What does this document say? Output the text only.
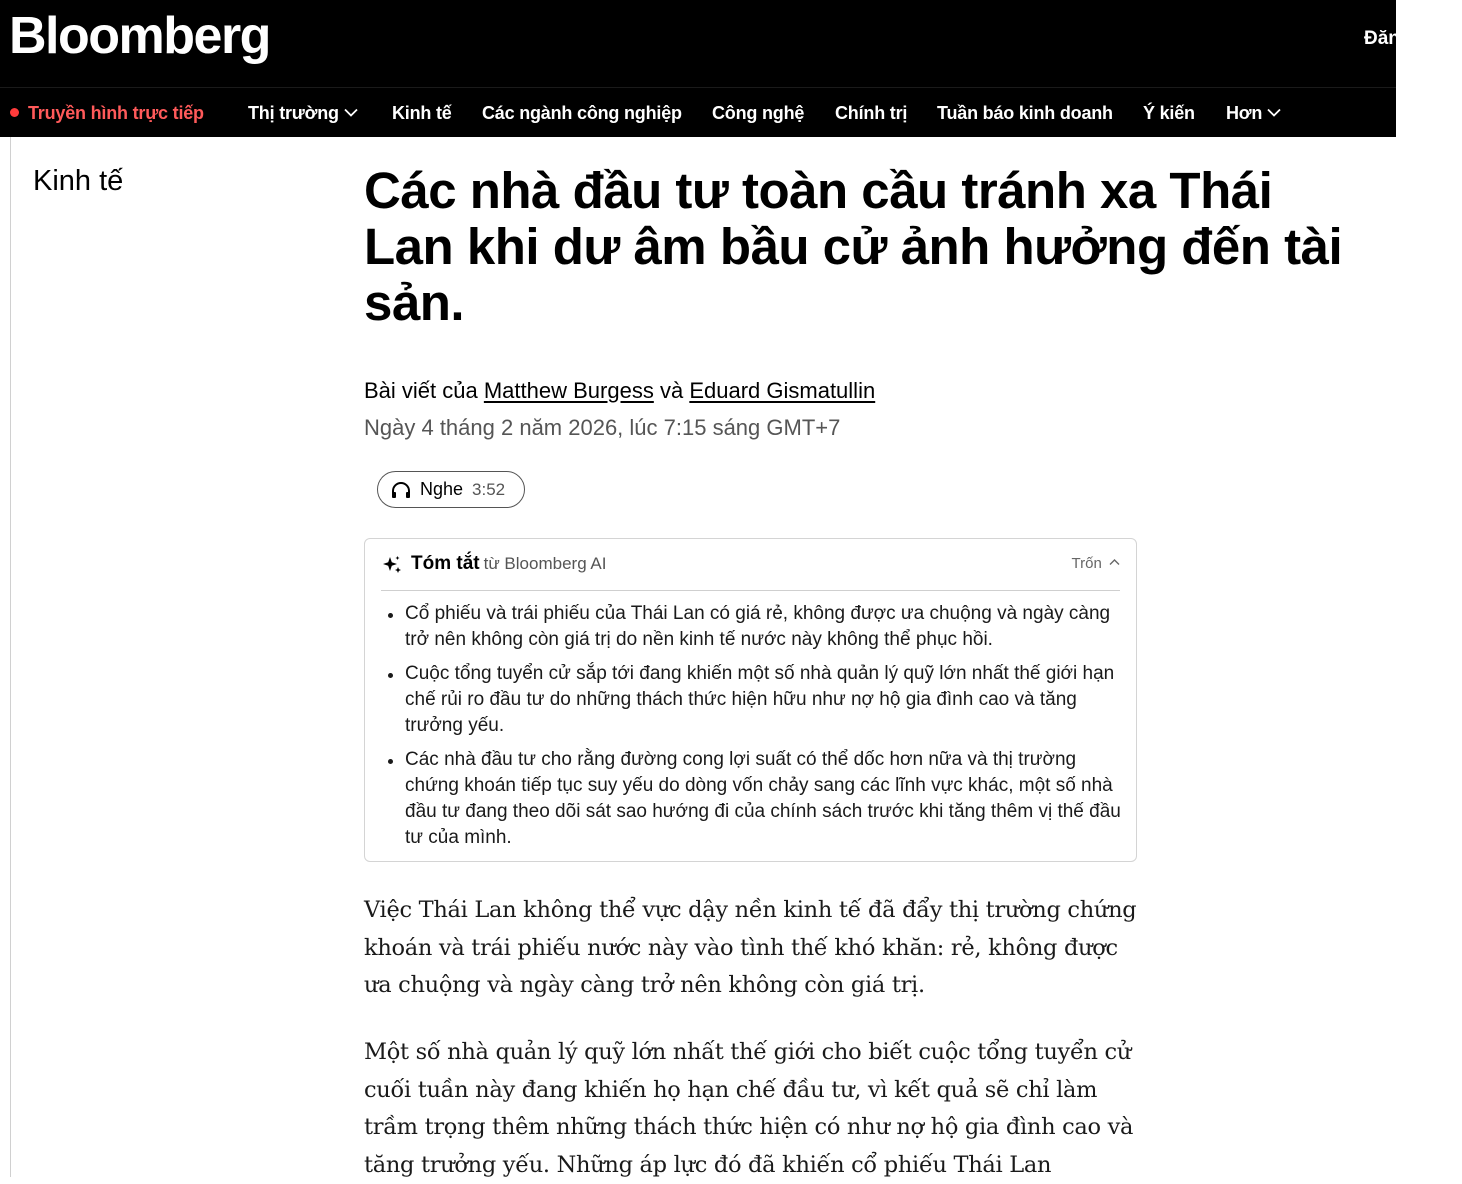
Bloomberg	Đăng nhập
Truyền hình trực tiếp Thị trường	Kinh tế Các ngành công nghiệp Công nghệ Chính trị Tuần báo kinh doanh Ý kiến Hơn
Kinh tế	Các nhà đầu tư toàn cầu tránh xa Thái Lan khi dư âm bầu cử ảnh hưởng đến tài sản.
Bài viết của Matthew Burgess và Eduard Gismatullin
Ngày 4 tháng 2 năm 2026, lúc 7:15 sáng GMT+7
Nghe 3:52
Tóm tắt từ Bloomberg AI	Trốn
Cổ phiếu và trái phiếu của Thái Lan có giá rẻ, không được ưa chuộng và ngày càng trở nên không còn giá trị do nền kinh tế nước này không thể phục hồi.
Cuộc tổng tuyển cử sắp tới đang khiến một số nhà quản lý quỹ lớn nhất thế giới hạn chế rủi ro đầu tư do những thách thức hiện hữu như nợ hộ gia đình cao và tăng trưởng yếu.
Các nhà đầu tư cho rằng đường cong lợi suất có thể dốc hơn nữa và thị trường chứng khoán tiếp tục suy yếu do dòng vốn chảy sang các lĩnh vực khác, một số nhà đầu tư đang theo dõi sát sao hướng đi của chính sách trước khi tăng thêm vị thế đầu tư của mình.

Việc Thái Lan không thể vực dậy nền kinh tế đã đẩy thị trường chứng khoán và trái phiếu nước này vào tình thế khó khăn: rẻ, không được ưa chuộng và ngày càng trở nên không còn giá trị.

Một số nhà quản lý quỹ lớn nhất thế giới cho biết cuộc tổng tuyển cử cuối tuần này đang khiến họ hạn chế đầu tư, vì kết quả sẽ chỉ làm trầm trọng thêm những thách thức hiện có như nợ hộ gia đình cao và tăng trưởng yếu. Những áp lực đó đã khiến cổ phiếu Thái Lan
